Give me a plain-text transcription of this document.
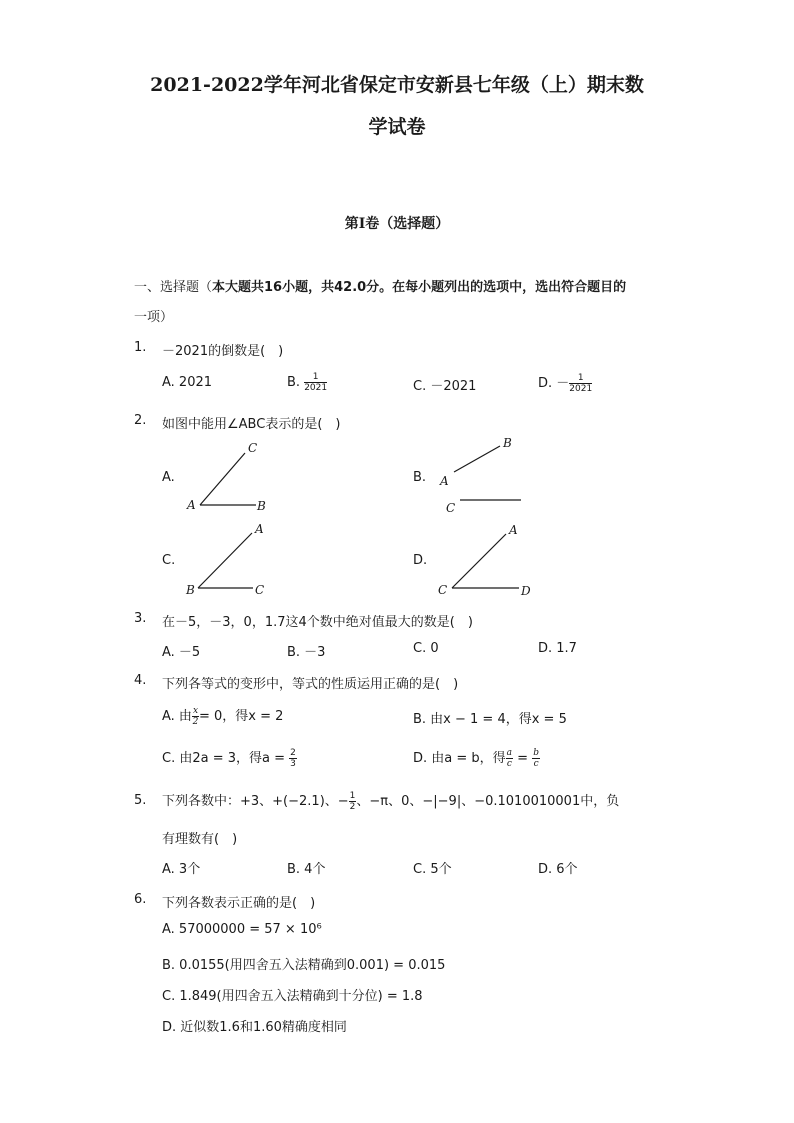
2021-2022学年河北省保定市安新县七年级（上）期末数
学试卷
第I卷（选择题）
一、选择题（本大题共16小题，共42.0分。在每小题列出的选项中，选出符合题目的
一项）
1. －2021的倒数是(　)
A. 2021	B. $\frac{1}{2021}$	C. －2021	D. － $\frac{1}{2021}$
2. 如图中能用∠ABC表示的是(　)
A.
C
A	B
B.
B
A
C
C.
A
B	C
D.
A
C	D
3. 在－5，－3，0，1.7这4个数中绝对值最大的数是(　)
A. －5	B. －3	C. 0	D. 1.7
4. 下列各等式的变形中，等式的性质运用正确的是(　)
A. 由 $\frac{x}{2} = 0$，得x = 2	B. 由x − 1 = 4，得x = 5
C. 由2a = 3，得$a = \frac{2}{3}$	D. 由a = b，得 $\frac{a}{c} = \frac{b}{c}$
5. 下列各数中：+3、+(−2.1)、− $\frac{1}{2}$ 、−π、0、−|−9|、−0.1010010001中，负
有理数有(　)
A. 3个	B. 4个	C. 5个	D. 6个
6. 下列各数表示正确的是(　)
A. 57000000 = 57 × 10⁶
B. 0.0155(用四舍五入法精确到0.001) = 0.015
C. 1.849(用四舍五入法精确到十分位) = 1.8
D. 近似数1.6和1.60精确度相同
